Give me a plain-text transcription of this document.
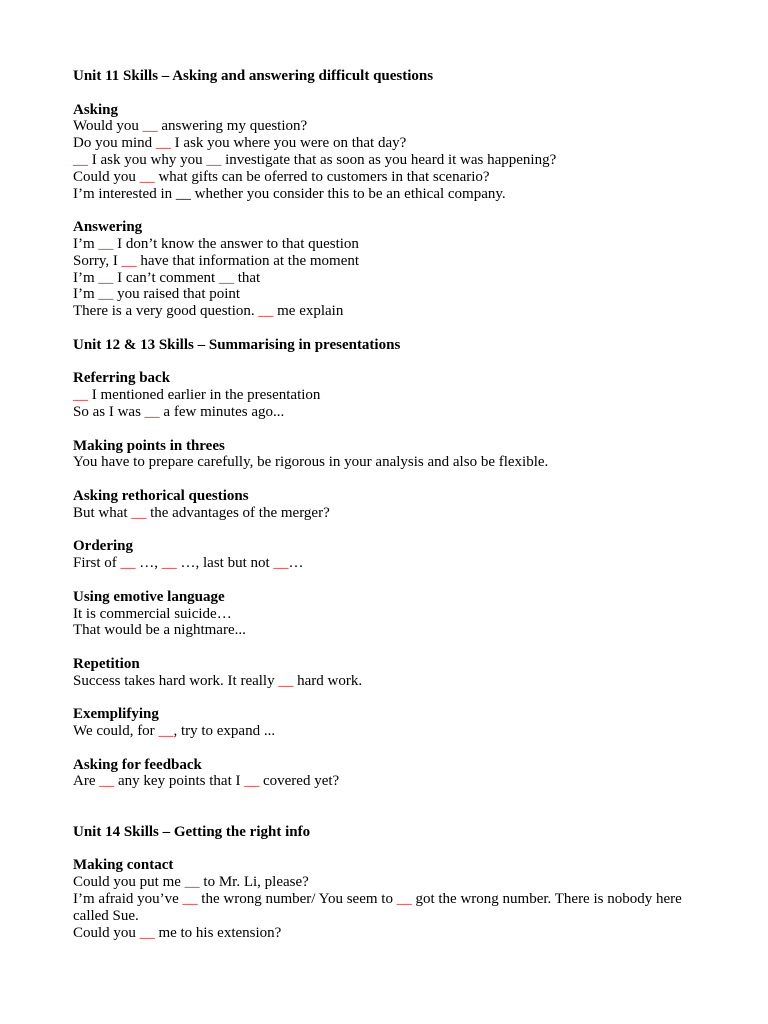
Unit 11 Skills – Asking and answering difficult questions
Asking
Would you __ answering my question?
Do you mind __ I ask you where you were on that day?
__ I ask you why you __ investigate that as soon as you heard it was happening?
Could you __ what gifts can be oferred to customers in that scenario?
I’m interested in __ whether you consider this to be an ethical company.
Answering
I’m __ I don’t know the answer to that question
Sorry, I __ have that information at the moment
I’m __ I can’t comment __ that
I’m __ you raised that point
There is a very good question. __ me explain
Unit 12 & 13 Skills – Summarising in presentations
Referring back
__ I mentioned earlier in the presentation
So as I was __ a few minutes ago...
Making points in threes
You have to prepare carefully, be rigorous in your analysis and also be flexible.
Asking rethorical questions
But what __ the advantages of the merger?
Ordering
First of __ …, __ …, last but not __…
Using emotive language
It is commercial suicide…
That would be a nightmare...
Repetition
Success takes hard work. It really __ hard work.
Exemplifying
We could, for __, try to expand ...
Asking for feedback
Are __ any key points that I __ covered yet?
Unit 14 Skills – Getting the right info
Making contact
Could you put me __ to Mr. Li, please?
I’m afraid you’ve __ the wrong number/ You seem to __ got the wrong number. There is nobody here called Sue.
Could you __ me to his extension?
